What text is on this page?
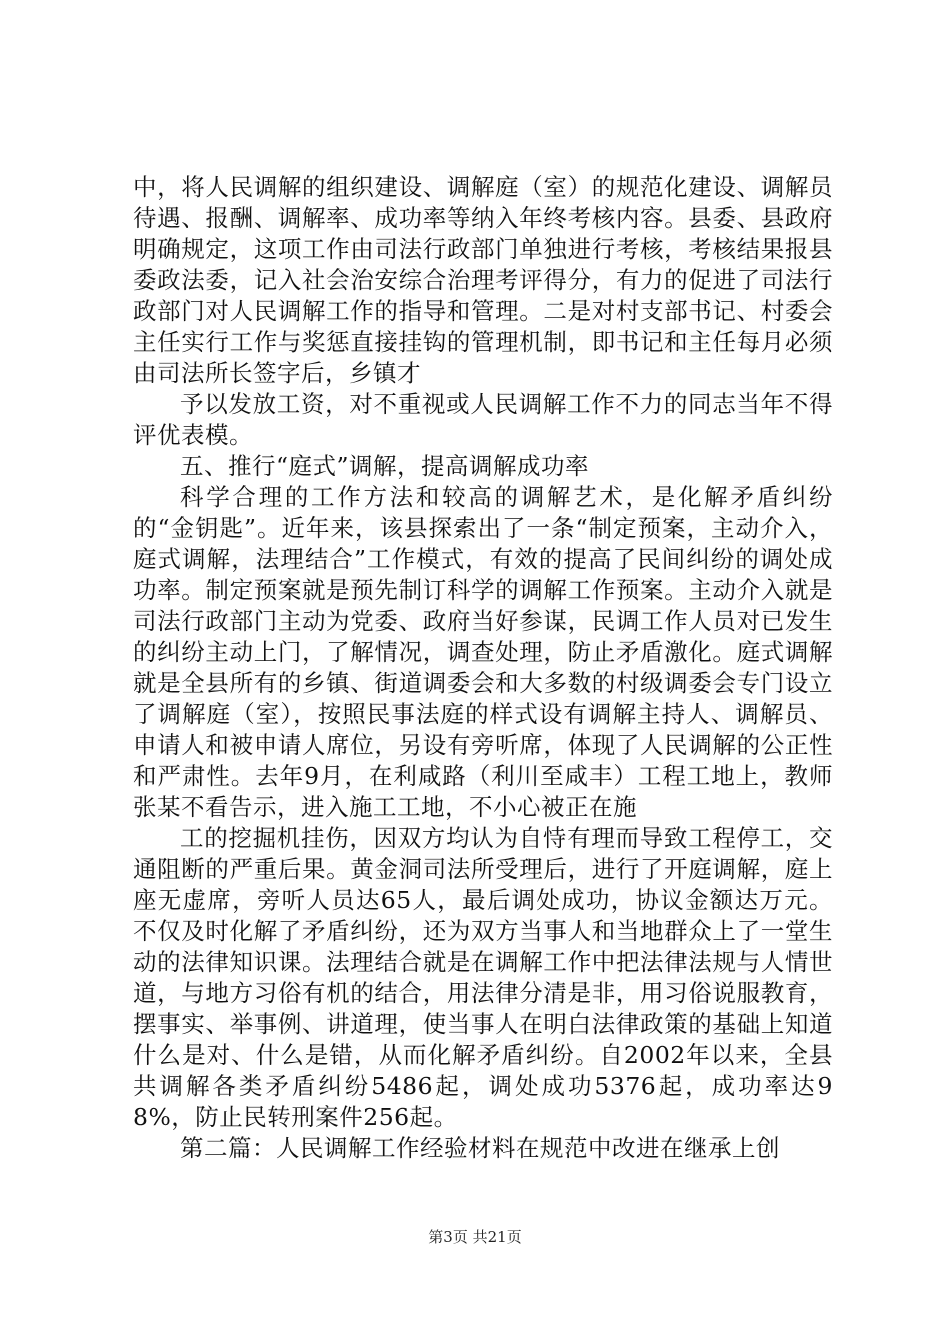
中，将人民调解的组织建设、调解庭（室）的规范化建设、调解员待遇、报酬、调解率、成功率等纳入年终考核内容。县委、县政府明确规定，这项工作由司法行政部门单独进行考核，考核结果报县委政法委，记入社会治安综合治理考评得分，有力的促进了司法行政部门对人民调解工作的指导和管理。二是对村支部书记、村委会主任实行工作与奖惩直接挂钩的管理机制，即书记和主任每月必须由司法所长签字后，乡镇才

予以发放工资，对不重视或人民调解工作不力的同志当年不得评优表模。

五、推行“庭式”调解，提高调解成功率

科学合理的工作方法和较高的调解艺术，是化解矛盾纠纷的“金钥匙”。近年来，该县探索出了一条“制定预案，主动介入，庭式调解，法理结合”工作模式，有效的提高了民间纠纷的调处成功率。制定预案就是预先制订科学的调解工作预案。主动介入就是司法行政部门主动为党委、政府当好参谋，民调工作人员对已发生的纠纷主动上门，了解情况，调查处理，防止矛盾激化。庭式调解就是全县所有的乡镇、街道调委会和大多数的村级调委会专门设立了调解庭（室），按照民事法庭的样式设有调解主持人、调解员、申请人和被申请人席位，另设有旁听席，体现了人民调解的公正性和严肃性。去年9月，在利咸路（利川至咸丰）工程工地上，教师张某不看告示，进入施工工地，不小心被正在施

工的挖掘机挂伤，因双方均认为自恃有理而导致工程停工，交通阻断的严重后果。黄金洞司法所受理后，进行了开庭调解，庭上座无虚席，旁听人员达65人，最后调处成功，协议金额达万元。不仅及时化解了矛盾纠纷，还为双方当事人和当地群众上了一堂生动的法律知识课。法理结合就是在调解工作中把法律法规与人情世道，与地方习俗有机的结合，用法律分清是非，用习俗说服教育，摆事实、举事例、讲道理，使当事人在明白法律政策的基础上知道什么是对、什么是错，从而化解矛盾纠纷。自2002年以来，全县共调解各类矛盾纠纷5486起，调处成功5376起，成功率达98%，防止民转刑案件256起。

第二篇：人民调解工作经验材料在规范中改进在继承上创

第3页 共21页
